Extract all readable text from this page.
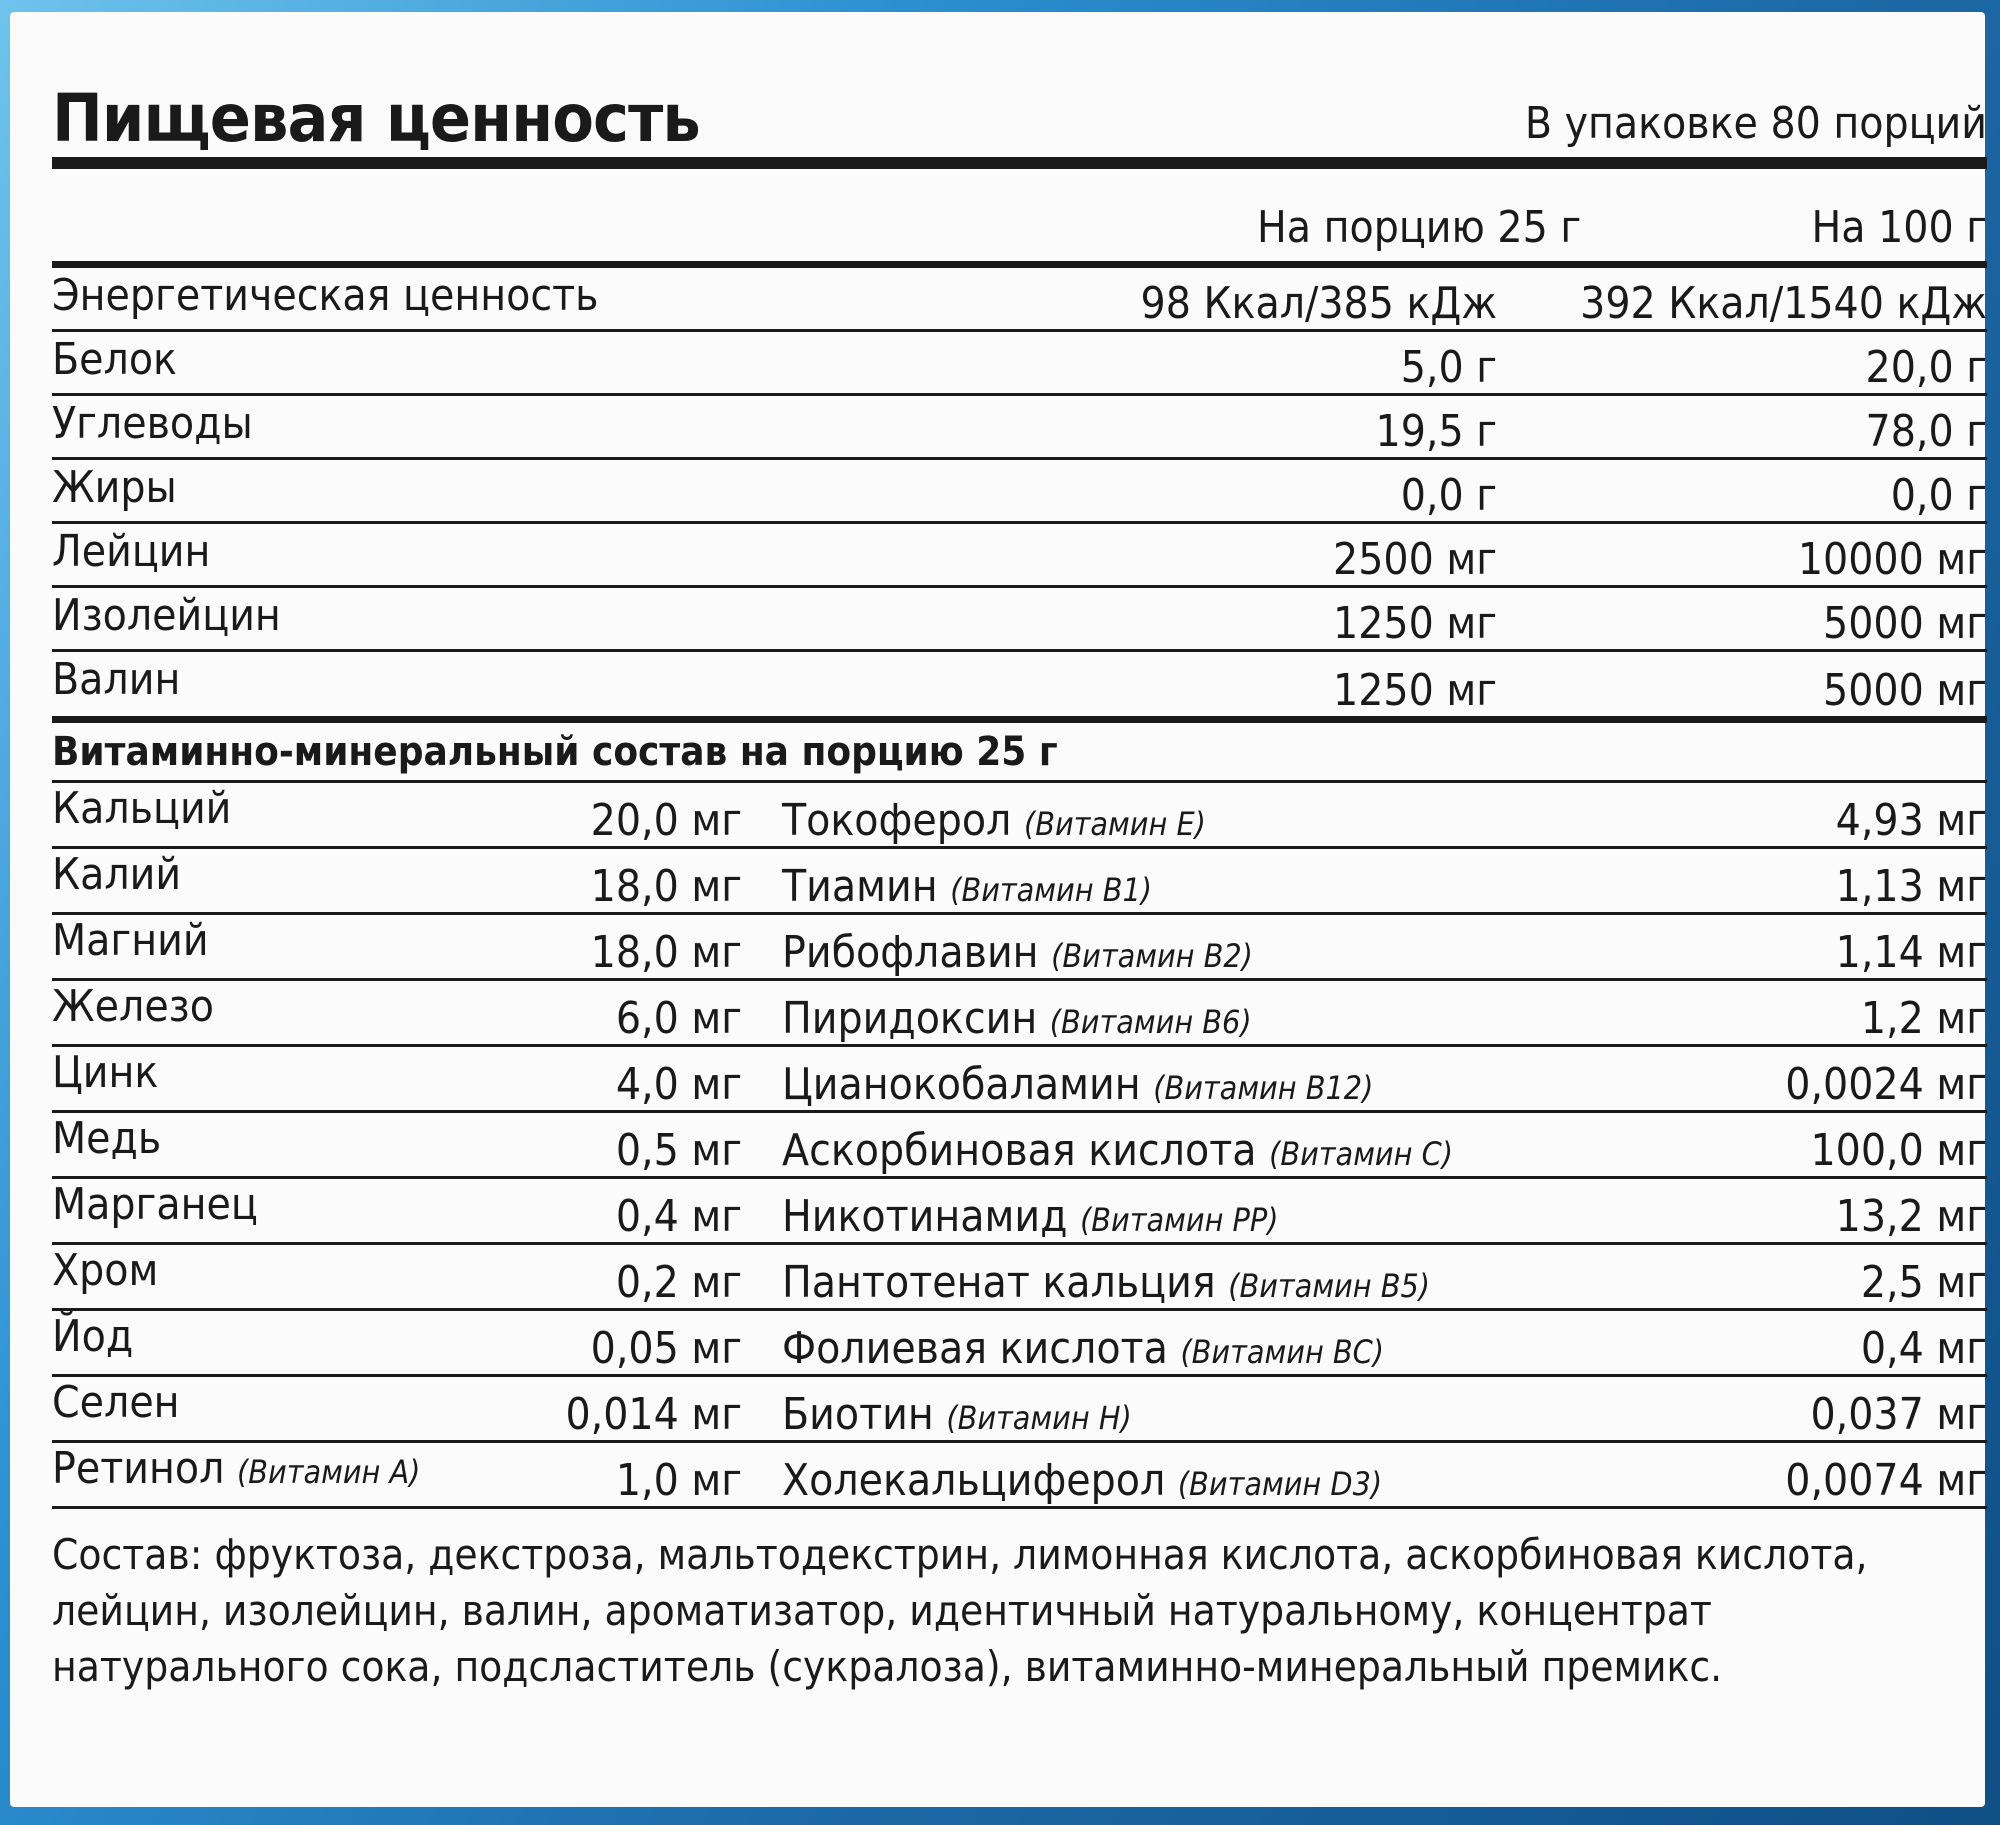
Пищевая ценность	В упаковке 80 порций
На порцию 25 г	На 100 г
Энергетическая ценность	98 Ккал/385 кДж	392 Ккал/1540 кДж
Белок	5,0 г	20,0 г
Углеводы	19,5 г	78,0 г
Жиры	0,0 г	0,0 г
Лейцин	2500 мг	10000 мг
Изолейцин	1250 мг	5000 мг
Валин	1250 мг	5000 мг
Витаминно-минеральный состав на порцию 25 г
Кальций	20,0 мг Токоферол (Витамин E)	4,93 мг
Калий	18,0 мг Тиамин (Витамин B1)	1,13 мг
Магний	18,0 мг Рибофлавин (Витамин B2)	1,14 мг
Железо	6,0 мг Пиридоксин (Витамин B6)	1,2 мг
Цинк	4,0 мг Цианокобаламин (Витамин B12)	0,0024 мг
Медь	0,5 мг Аскорбиновая кислота (Витамин C)	100,0 мг
Марганец	0,4 мг Никотинамид (Витамин PP)	13,2 мг
Хром	0,2 мг Пантотенат кальция (Витамин B5)	2,5 мг
Йод	0,05 мг Фолиевая кислота (Витамин BC)	0,4 мг
Селен	0,014 мг Биотин (Витамин H)	0,037 мг
Ретинол (Витамин A)	1,0 мг Холекальциферол (Витамин D3)	0,0074 мг
Состав: фруктоза, декстроза, мальтодекстрин, лимонная кислота, аскорбиновая кислота, лейцин, изолейцин, валин, ароматизатор, идентичный натуральному, концентрат натурального сока, подсластитель (сукралоза), витаминно-минеральный премикс.
